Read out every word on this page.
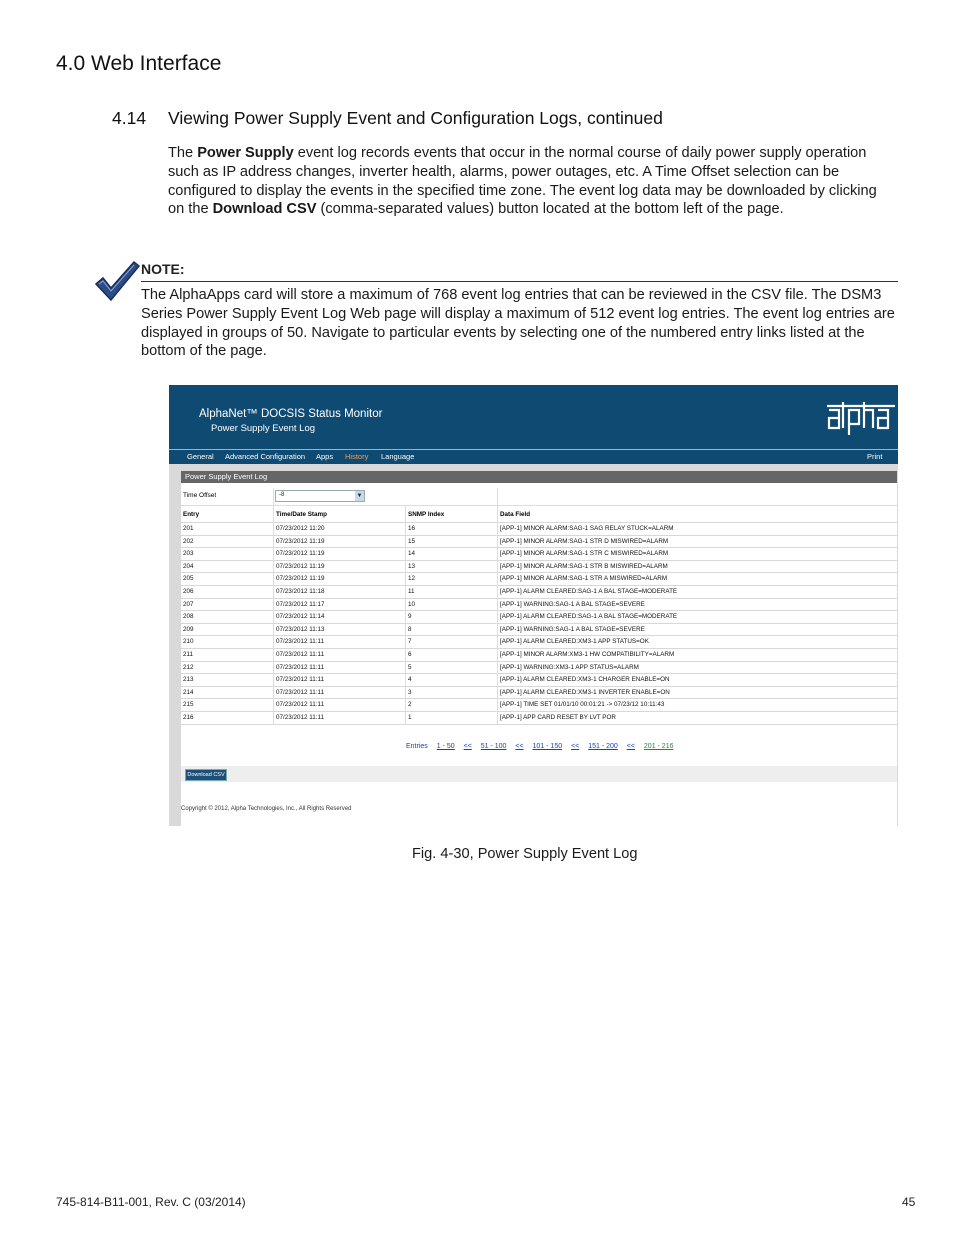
4.0 Web Interface
4.14 Viewing Power Supply Event and Configuration Logs, continued
The Power Supply event log records events that occur in the normal course of daily power supply operation such as IP address changes, inverter health, alarms, power outages, etc. A Time Offset selection can be configured to display the events in the specified time zone. The event log data may be downloaded by clicking on the Download CSV (comma-separated values) button located at the bottom left of the page.
NOTE:
The AlphaApps card will store a maximum of 768 event log entries that can be reviewed in the CSV file. The DSM3 Series Power Supply Event Log Web page will display a maximum of 512 event log entries. The event log entries are displayed in groups of 50. Navigate to particular events by selecting one of the numbered entry links listed at the bottom of the page.
AlphaNet™ DOCSIS Status Monitor
Power Supply Event Log
General Advanced Configuration Apps History Language	Print
Power Supply Event Log
Time Offset	-8	▼
Entry	Time/Date Stamp	SNMP Index	Data Field
201	07/23/2012 11:20	16	[APP-1] MINOR ALARM:SAG-1 SAG RELAY STUCK=ALARM
202	07/23/2012 11:19	15	[APP-1] MINOR ALARM:SAG-1 STR D MISWIRED=ALARM
203	07/23/2012 11:19	14	[APP-1] MINOR ALARM:SAG-1 STR C MISWIRED=ALARM
204	07/23/2012 11:19	13	[APP-1] MINOR ALARM:SAG-1 STR B MISWIRED=ALARM
205	07/23/2012 11:19	12	[APP-1] MINOR ALARM:SAG-1 STR A MISWIRED=ALARM
206	07/23/2012 11:18	11	[APP-1] ALARM CLEARED:SAG-1 A BAL STAGE=MODERATE
207	07/23/2012 11:17	10	[APP-1] WARNING:SAG-1 A BAL STAGE=SEVERE
208	07/23/2012 11:14	9	[APP-1] ALARM CLEARED:SAG-1 A BAL STAGE=MODERATE
209	07/23/2012 11:13	8	[APP-1] WARNING:SAG-1 A BAL STAGE=SEVERE
210	07/23/2012 11:11	7	[APP-1] ALARM CLEARED:XM3-1 APP STATUS=OK
211	07/23/2012 11:11	6	[APP-1] MINOR ALARM:XM3-1 HW COMPATIBILITY=ALARM
212	07/23/2012 11:11	5	[APP-1] WARNING:XM3-1 APP STATUS=ALARM
213	07/23/2012 11:11	4	[APP-1] ALARM CLEARED:XM3-1 CHARGER ENABLE=ON
214	07/23/2012 11:11	3	[APP-1] ALARM CLEARED:XM3-1 INVERTER ENABLE=ON
215	07/23/2012 11:11	2	[APP-1] TIME SET 01/01/10 00:01:21 -> 07/23/12 10:11:43
216	07/23/2012 11:11	1	[APP-1] APP CARD RESET BY LVT POR
Entries 1 - 50 << 51 - 100 << 101 - 150 << 151 - 200 << 201 - 216
Download CSV
Copyright © 2012, Alpha Technologies, Inc., All Rights Reserved
Fig. 4-30, Power Supply Event Log
745-814-B11-001, Rev. C (03/2014)	45
